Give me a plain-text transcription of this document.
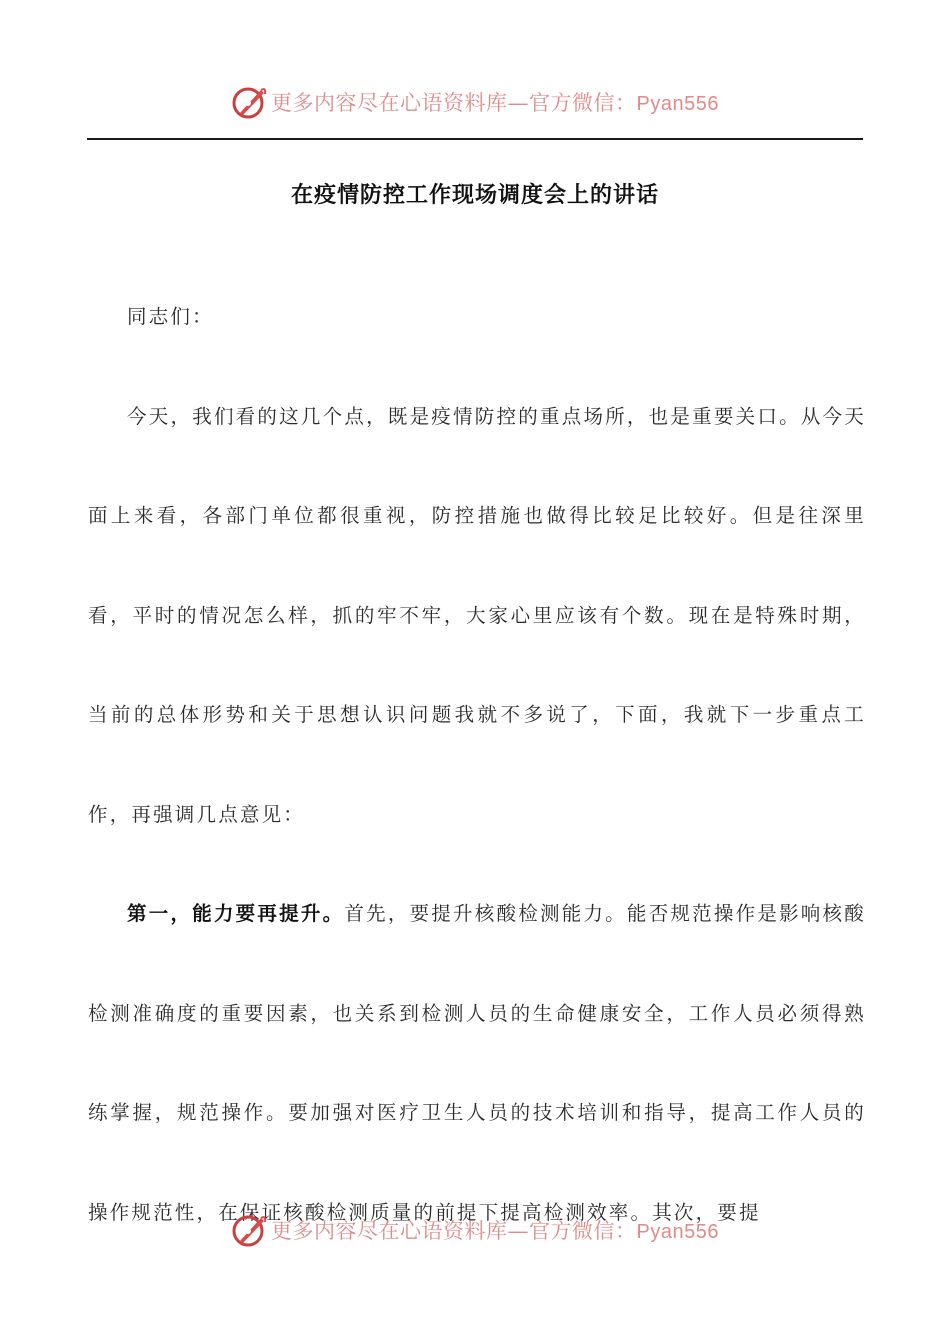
更多内容尽在心语资料库—官方微信：Pyan556
在疫情防控工作现场调度会上的讲话

同志们：

今天，我们看的这几个点，既是疫情防控的重点场所，也是重要关口。从今天面上来看，各部门单位都很重视，防控措施也做得比较足比较好。但是往深里看，平时的情况怎么样，抓的牢不牢，大家心里应该有个数。现在是特殊时期，当前的总体形势和关于思想认识问题我就不多说了，下面，我就下一步重点工作，再强调几点意见：

第一，能力要再提升。首先，要提升核酸检测能力。能否规范操作是影响核酸检测准确度的重要因素，也关系到检测人员的生命健康安全，工作人员必须得熟练掌握，规范操作。要加强对医疗卫生人员的技术培训和指导，提高工作人员的操作规范性，在保证核酸检测质量的前提下提高检测效率。其次，要提

更多内容尽在心语资料库—官方微信：Pyan556
